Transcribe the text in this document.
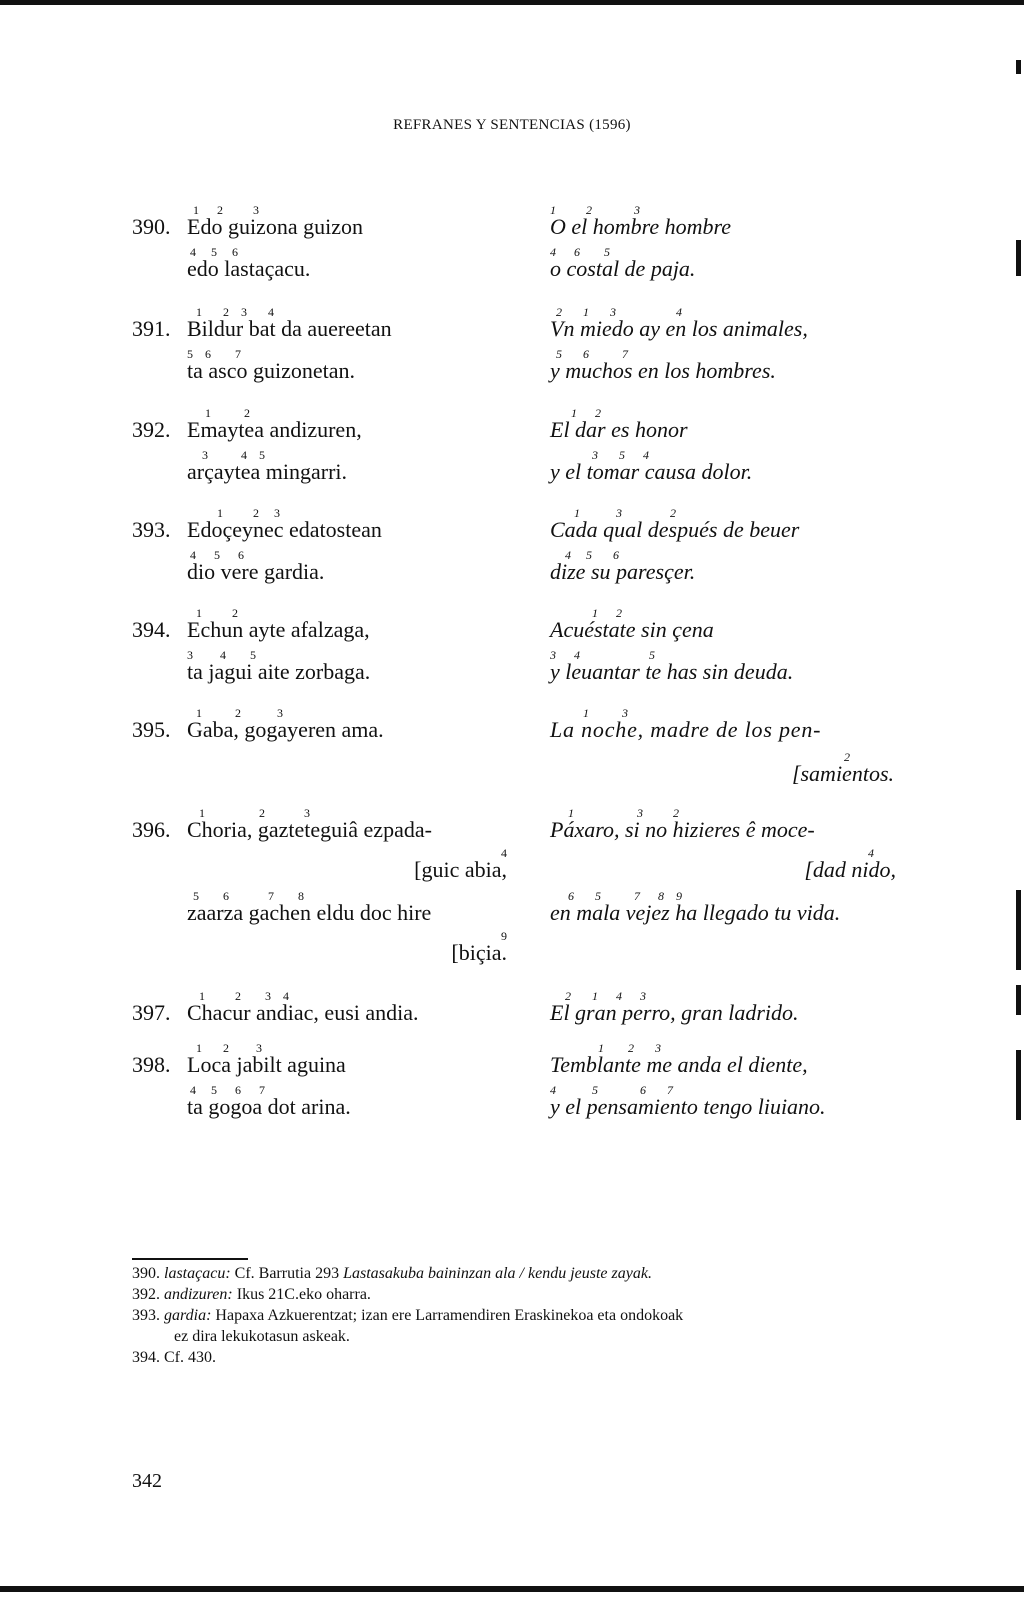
REFRANES Y SENTENCIAS (1596)
390.
1      2          3
Edo guizona guizon
4     5     6
edo lastaçacu.
391.
1       2    3       4
Bildur bat da auereetan
5    6        7
ta asco guizonetan.
392.
1           2
Emaytea andizuren,
3           4    5
arçaytea mingarri.
393.
1          2     3
Edoçeynec edatostean
4      5      6
dio vere gardia.
394.
1          2
Echun ayte afalzaga,
3         4        5
ta jagui aite zorbaga.
395.
1           2            3
Gaba, gogayeren ama.
396.
1                  2             3
Choria, gazteteguiâ ezpada-
4
[guic abia,
5        6             7        8
zaarza gachen eldu doc hire
9
[biçia.
397.
1          2        3    4
Chacur andiac, eusi andia.
398.
1       2         3
Loca jabilt aguina
4     5      6      7
ta gogoa dot arina.
1          2              3
O el hombre hombre
4      6        5
o costal de paja.
2       1       3                    4
Vn miedo ay en los animales,
5       6           7
y muchos en los hombres.
1      2
El dar es honor
3       5      4
y el tomar causa dolor.
1            3                2
Cada qual después de beuer
4     5       6
dize su paresçer.
1      2
Acuéstate sin çena
3      4                       5
y leuantar te has sin deuda.
1           3
La noche, madre de los pen-
2
[samientos.
1                     3          2
Páxaro, si no hizieres ê moce-
4
[dad nido,
6       5           7      8    9
en mala vejez ha llegado tu vida.
2       1      4      3
El gran perro, gran ladrido.
1        2       3
Temblante me anda el diente,
4            5              6       7
y el pensamiento tengo liuiano.
390. lastaçacu: Cf. Barrutia 293 Lastasakuba baininzan ala / kendu jeuste zayak.
392. andizuren: Ikus 21C.eko oharra.
393. gardia: Hapaxa Azkuerentzat; izan ere Larramendiren Eraskinekoa eta ondokoak
ez dira lekukotasun askeak.
394. Cf. 430.
342
